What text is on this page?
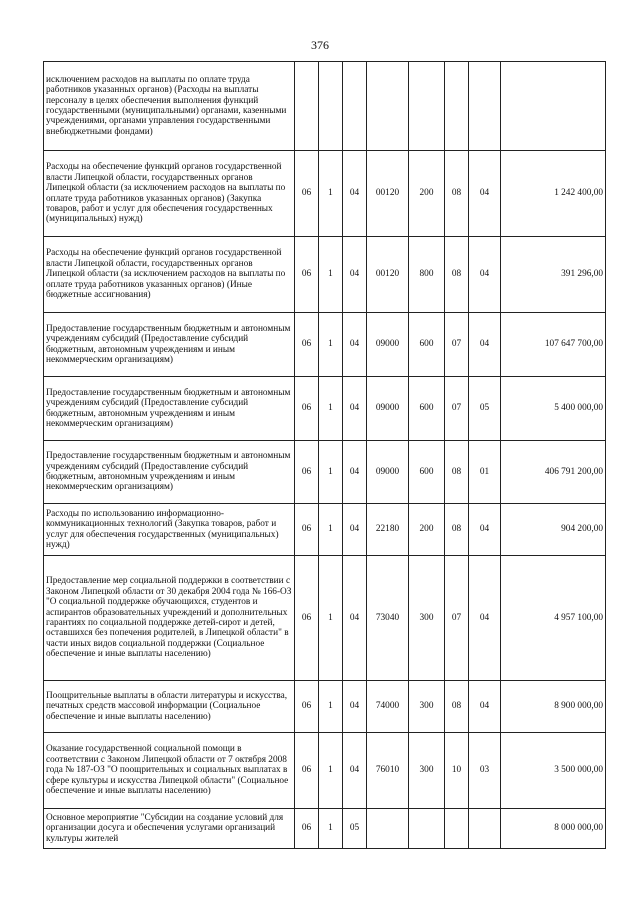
376
исключением расходов на выплаты по оплате труда работников указанных органов) (Расходы на выплаты персоналу в целях обеспечения выполнения функций государственными (муниципальными) органами, казенными учреждениями, органами управления государственными внебюджетными фондами)								
Расходы на обеспечение функций органов государственной власти Липецкой области, государственных органов Липецкой области (за исключением расходов на выплаты по оплате труда работников указанных органов) (Закупка товаров, работ и услуг для обеспечения государственных (муниципальных) нужд)	06	1	04	00120	200	08	04	1 242 400,00
Расходы на обеспечение функций органов государственной власти Липецкой области, государственных органов Липецкой области (за исключением расходов на выплаты по оплате труда работников указанных органов) (Иные бюджетные ассигнования)	06	1	04	00120	800	08	04	391 296,00
Предоставление государственным бюджетным и автономным учреждениям субсидий (Предоставление субсидий бюджетным, автономным учреждениям и иным некоммерческим организациям)	06	1	04	09000	600	07	04	107 647 700,00
Предоставление государственным бюджетным и автономным учреждениям субсидий (Предоставление субсидий бюджетным, автономным учреждениям и иным некоммерческим организациям)	06	1	04	09000	600	07	05	5 400 000,00
Предоставление государственным бюджетным и автономным учреждениям субсидий (Предоставление субсидий бюджетным, автономным учреждениям и иным некоммерческим организациям)	06	1	04	09000	600	08	01	406 791 200,00
Расходы по использованию информационно-коммуникационных технологий (Закупка товаров, работ и услуг для обеспечения государственных (муниципальных) нужд)	06	1	04	22180	200	08	04	904 200,00
Предоставление мер социальной поддержки в соответствии с Законом Липецкой области от 30 декабря 2004 года № 166-ОЗ "О социальной поддержке обучающихся, студентов и аспирантов образовательных учреждений и дополнительных гарантиях по социальной поддержке детей-сирот и детей, оставшихся без попечения родителей, в Липецкой области" в части иных видов социальной поддержки (Социальное обеспечение и иные выплаты населению)	06	1	04	73040	300	07	04	4 957 100,00
Поощрительные выплаты в области литературы и искусства, печатных средств массовой информации (Социальное обеспечение и иные выплаты населению)	06	1	04	74000	300	08	04	8 900 000,00
Оказание государственной социальной помощи в соответствии с Законом Липецкой области от 7 октября 2008 года № 187-ОЗ "О поощрительных и социальных выплатах в сфере культуры и искусства Липецкой области" (Социальное обеспечение и иные выплаты населению)	06	1	04	76010	300	10	03	3 500 000,00
Основное мероприятие "Субсидии на создание условий для организации досуга и обеспечения услугами организаций культуры жителей	06	1	05					8 000 000,00
